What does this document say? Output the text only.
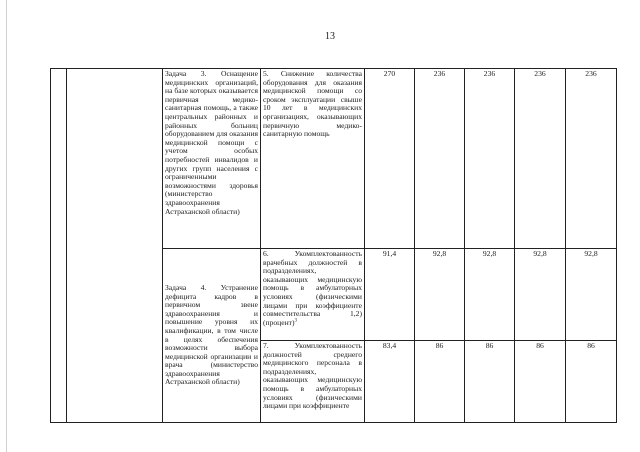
13
		Задача 3. Оснащение медицинских организаций, на базе которых оказывается первичная медико-санитарная помощь, а также центральных районных и районных больниц оборудованием для оказания медицинской помощи с учетом особых потребностей инвалидов и других групп населения с ограниченными возможностями здоровья (министерство здравоохранения Астраханской области)	5. Снижение количества оборудования для оказания медицинской помощи со сроком эксплуатации свыше 10 лет в медицинских организациях, оказывающих первичную медико-санитарную помощь	270	236	236	236	236
		Задача 4. Устранение дефицита кадров в первичном звене здравоохранения и повышение уровня их квалификации, в том числе в целях обеспечения возможности выбора медицинской организации и врача (министерство здравоохранения Астраханской области)	6. Укомплектованность врачебных должностей в подразделениях, оказывающих медицинскую помощь в амбулаторных условиях (физическими лицами при коэффициенте совместительства 1,2) (процент)$^3$	91,4	92,8	92,8	92,8	92,8
			7. Укомплектованность должностей среднего медицинского персонала в подразделениях, оказывающих медицинскую помощь в амбулаторных условиях (физическими лицами при коэффициенте	83,4	86	86	86	86
